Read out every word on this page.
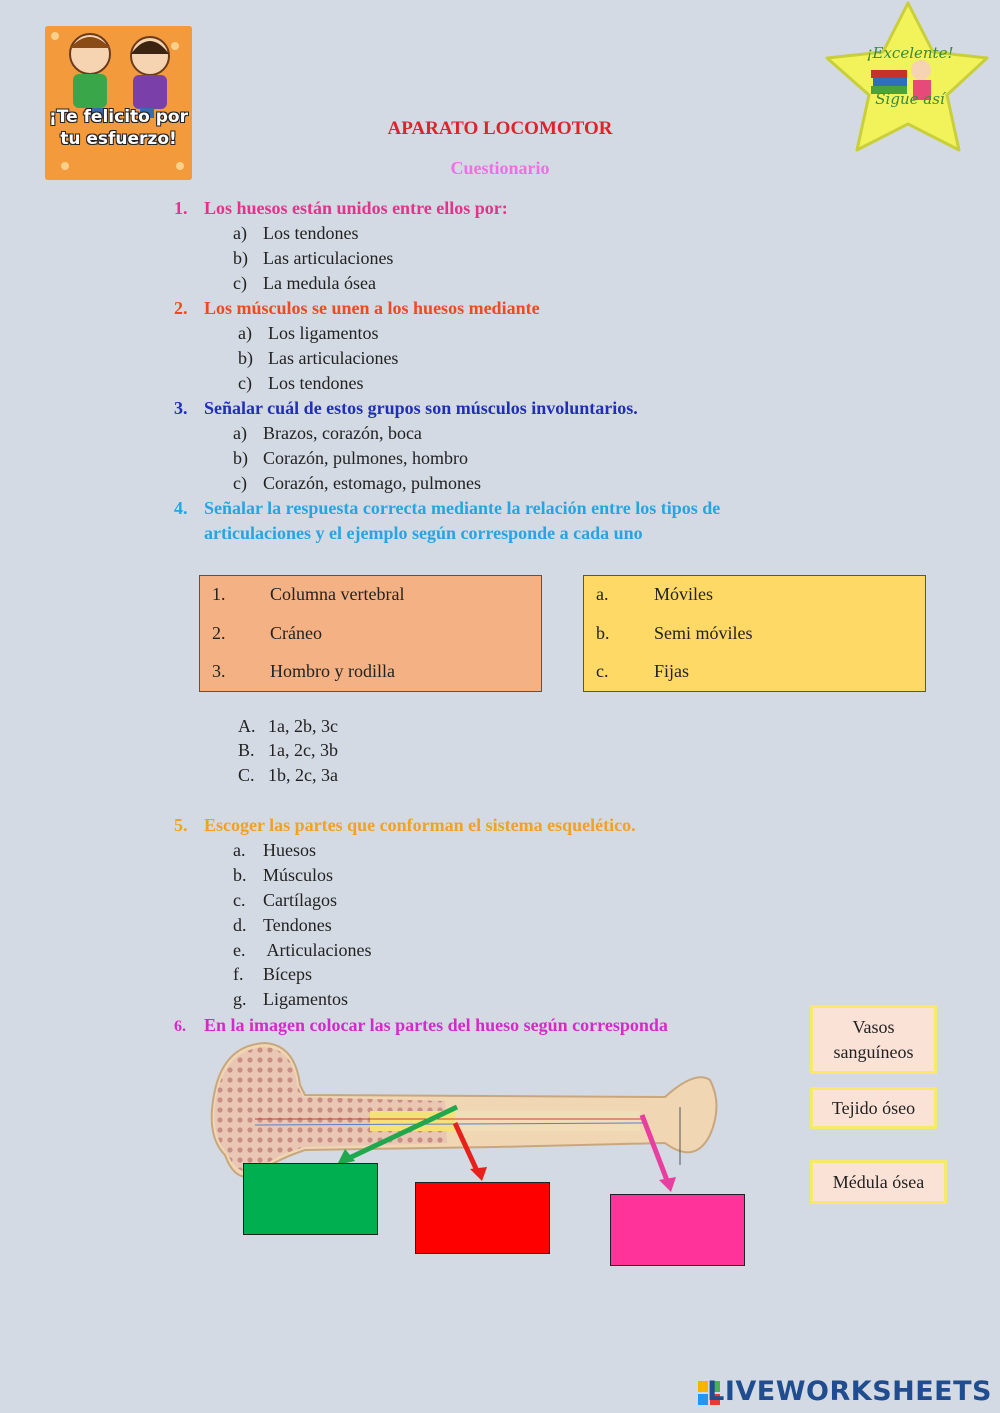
¡Te felicito por tu esfuerzo!
¡Excelente! Sigue así
APARATO LOCOMOTOR
Cuestionario
1. Los huesos están unidos entre ellos por:
a) Los tendones
b) Las articulaciones
c) La medula ósea
2. Los músculos se unen a los huesos mediante
a) Los ligamentos
b) Las articulaciones
c) Los tendones
3. Señalar cuál de estos grupos son músculos involuntarios.
a) Brazos, corazón, boca
b) Corazón, pulmones, hombro
c) Corazón, estomago, pulmones
4. Señalar la respuesta correcta mediante la relación entre los tipos de
articulaciones y el ejemplo según corresponde a cada uno
1. Columna vertebral
2. Cráneo
3. Hombro y rodilla
a.	Móviles
b. Semi móviles
c.	Fijas
A. 1a, 2b, 3c
B. 1a, 2c, 3b
C. 1b, 2c, 3a
5. Escoger las partes que conforman el sistema esquelético.
a. Huesos
b. Músculos
c. Cartílagos
d. Tendones
e. Articulaciones
f. Bíceps
g. Ligamentos
6. En la imagen colocar las partes del hueso según corresponda	Vasos
sanguíneos
Tejido óseo
Médula ósea
LIVEWORKSHEETS
